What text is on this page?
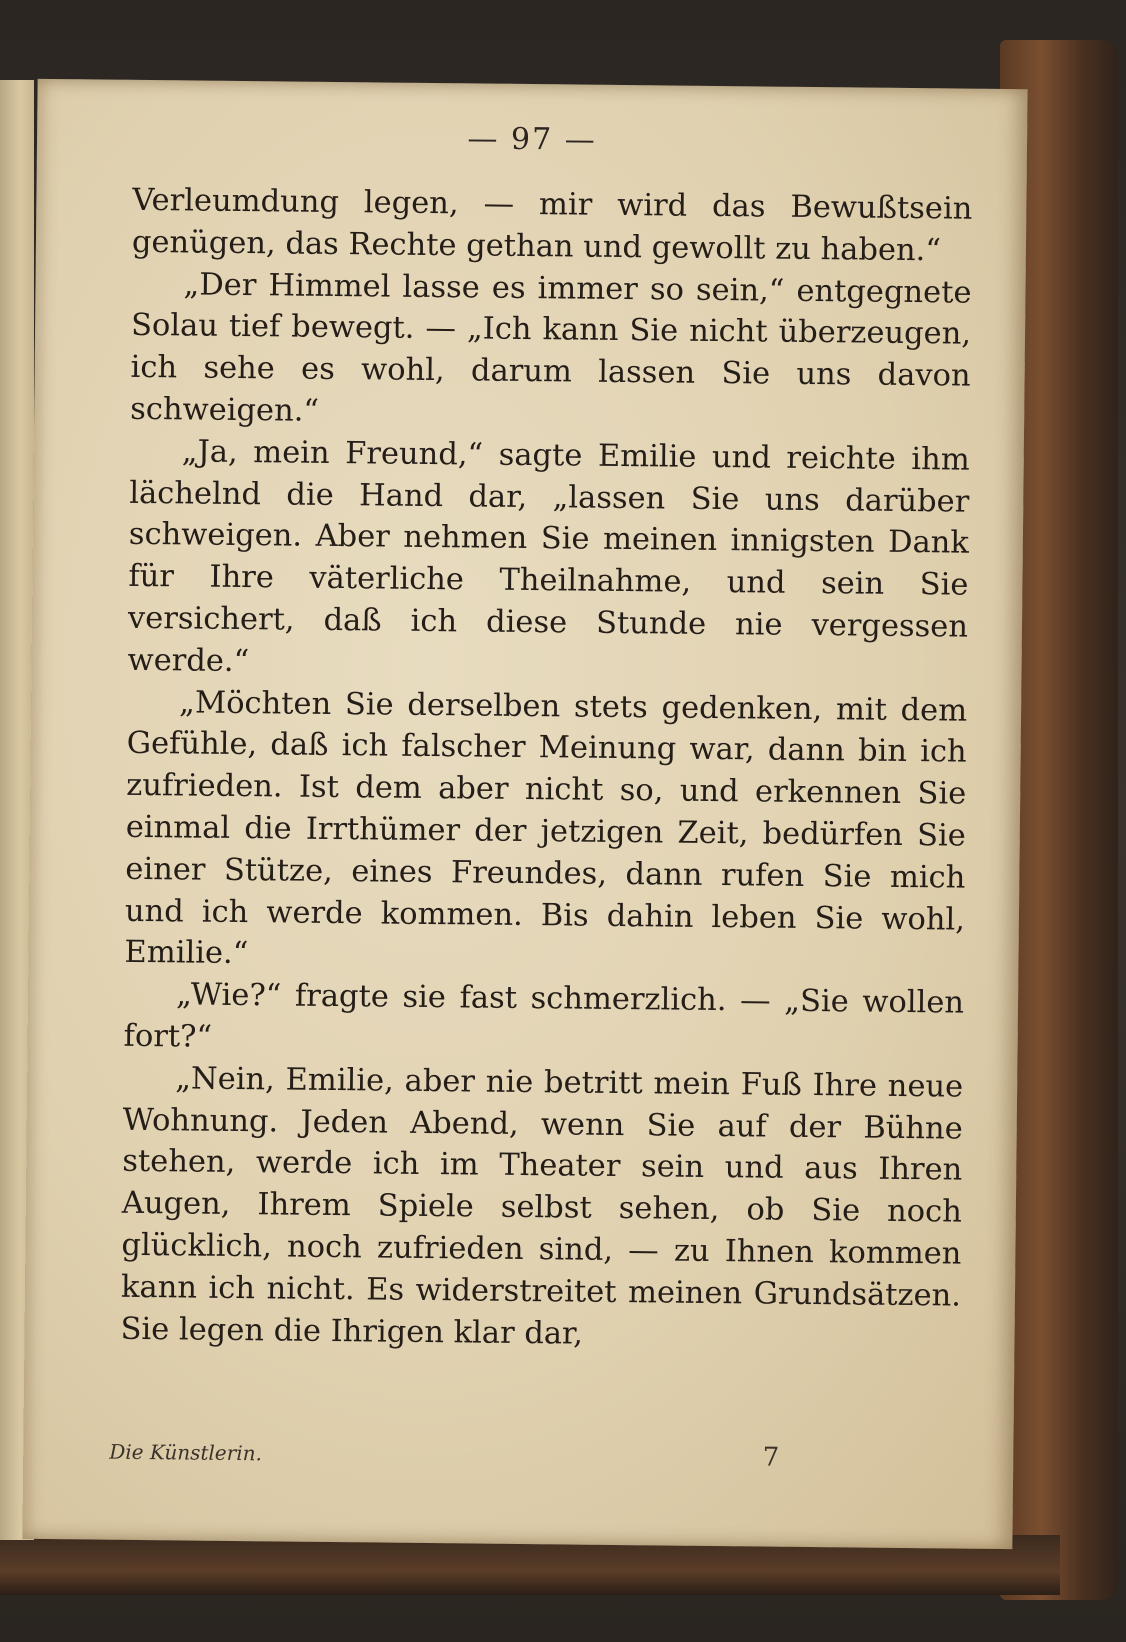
— 97 —

Verleumdung legen, — mir wird das Bewußtsein genügen, das Rechte gethan und gewollt zu haben.“

„Der Himmel lasse es immer so sein,“ entgegnete Solau tief bewegt. — „Ich kann Sie nicht überzeugen, ich sehe es wohl, darum lassen Sie uns davon schweigen.“

„Ja, mein Freund,“ sagte Emilie und reichte ihm lächelnd die Hand dar, „lassen Sie uns darüber schweigen. Aber nehmen Sie meinen innigsten Dank für Ihre väterliche Theilnahme, und sein Sie versichert, daß ich diese Stunde nie vergessen werde.“

„Möchten Sie derselben stets gedenken, mit dem Gefühle, daß ich falscher Meinung war, dann bin ich zufrieden. Ist dem aber nicht so, und erkennen Sie einmal die Irrthümer der jetzigen Zeit, bedürfen Sie einer Stütze, eines Freundes, dann rufen Sie mich und ich werde kommen. Bis dahin leben Sie wohl, Emilie.“

„Wie?“ fragte sie fast schmerzlich. — „Sie wollen fort?“

„Nein, Emilie, aber nie betritt mein Fuß Ihre neue Wohnung. Jeden Abend, wenn Sie auf der Bühne stehen, werde ich im Theater sein und aus Ihren Augen, Ihrem Spiele selbst sehen, ob Sie noch glücklich, noch zufrieden sind, — zu Ihnen kommen kann ich nicht. Es widerstreitet meinen Grundsätzen. Sie legen die Ihrigen klar dar,

Die Künstlerin.	7
